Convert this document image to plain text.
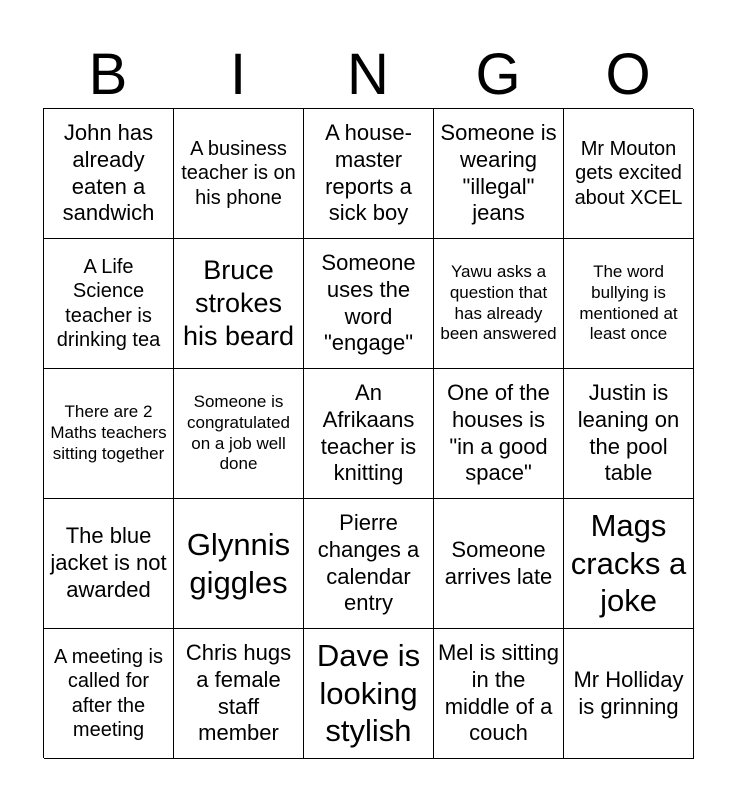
B	I	N	G	O
John has already eaten a sandwich
A business teacher is on his phone
A house-master reports a sick boy
Someone is wearing "illegal" jeans
Mr Mouton gets excited about XCEL
A Life Science teacher is drinking tea
Bruce strokes his beard
Someone uses the word "engage"
Yawu asks a question that has already been answered
The word bullying is mentioned at least once
There are 2 Maths teachers sitting together
Someone is congratulated on a job well done
An Afrikaans teacher is knitting
One of the houses is "in a good space"
Justin is leaning on the pool table
The blue jacket is not awarded
Glynnis giggles
Pierre changes a calendar entry
Someone arrives late
Mags cracks a joke
A meeting is called for after the meeting
Chris hugs a female staff member
Dave is looking stylish
Mel is sitting in the middle of a couch
Mr Holliday is grinning
